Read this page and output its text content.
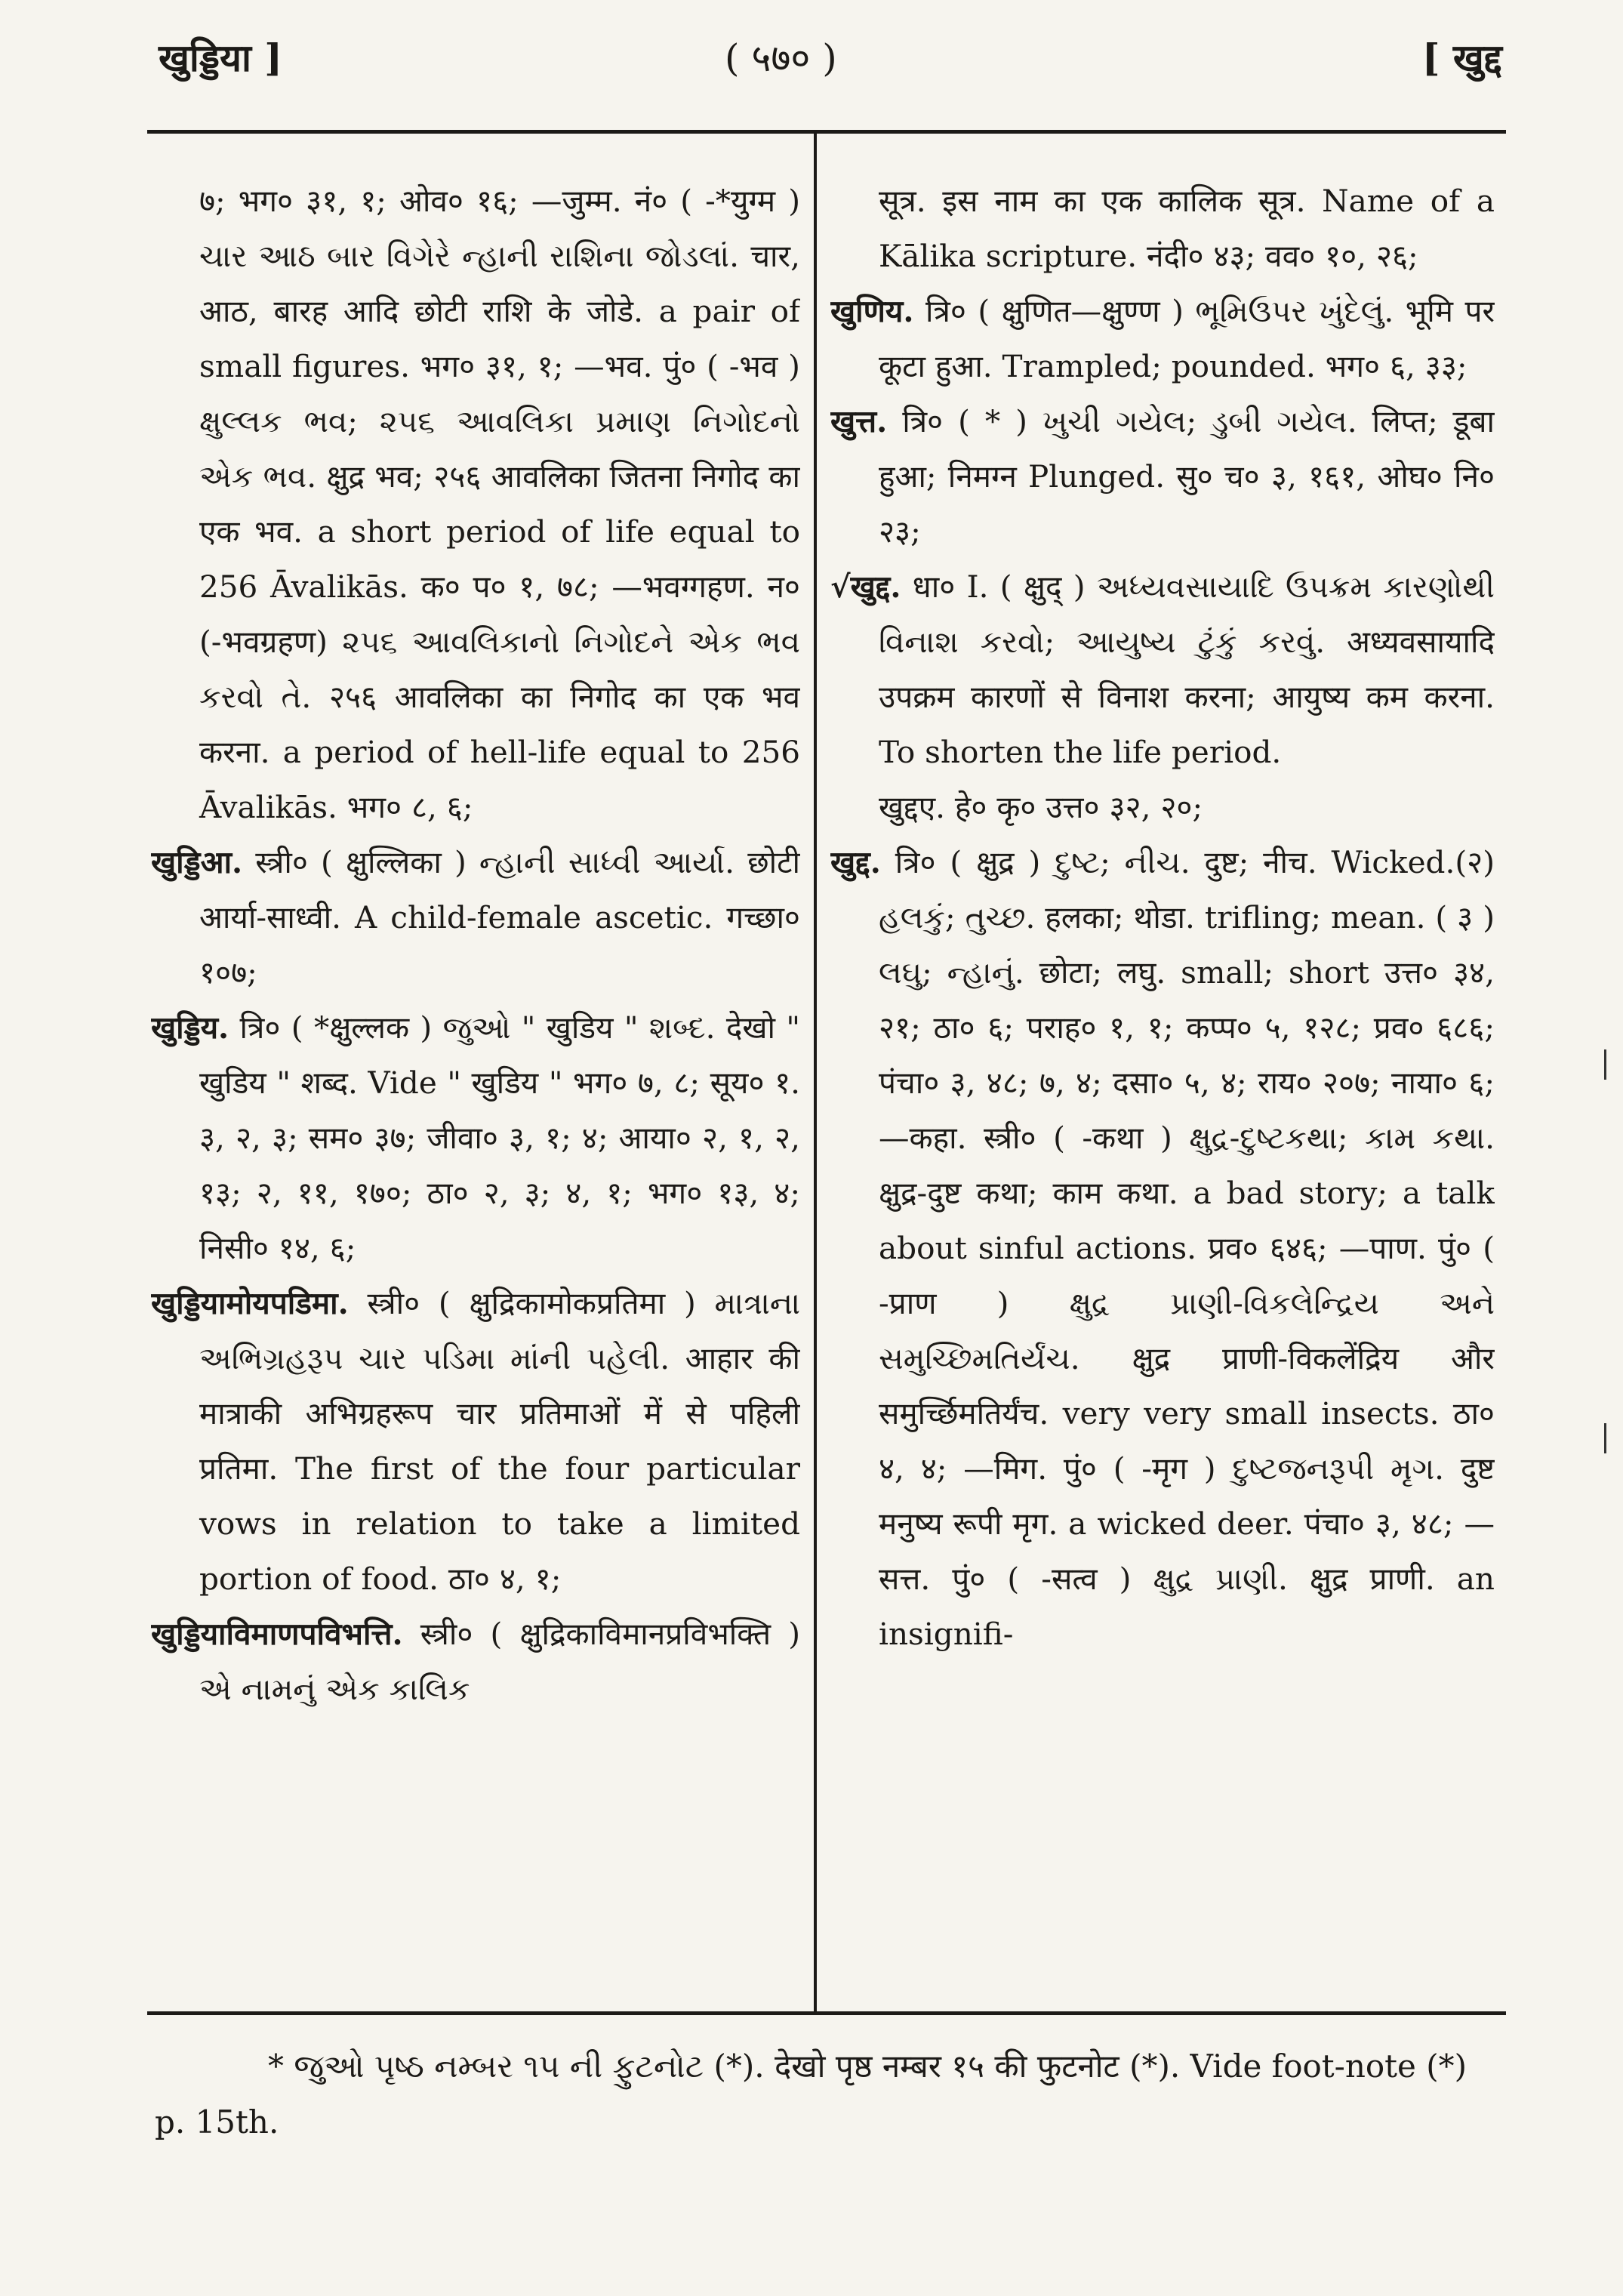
खुड्डिया ]	( ५७० )	[ खुद्द

७; भग० ३१, १; ओव० १६; —जुम्म. नं० ( -*युग्म ) ચાર આઠ બાર વિગેરે ન્હાની રાશિના જોડલાં. चार, आठ, बारह आदि छोटी राशि के जोडे. a pair of small figures. भग० ३१, १; —भव. पुं० ( -भव ) ક્ષુલ્લક ભવ; ૨૫૬ આવલિકા પ્રમાણ નિગોદનો એક ભવ. क्षुद्र भव; २५६ आवलिका जितना निगोद का एक भव. a short period of life equal to 256 Āvalikās. क० प० १, ७८; —भवग्गहण. न० (-भवग्रहण) ૨૫૬ આવલિકાનો નિગોદને એક ભવ કરવો તે. २५६ आवलिका का निगोद का एक भव करना. a period of hell-life equal to 256 Āvalikās. भग० ८, ६;

खुड्डिआ. स्त्री० ( क्षुल्लिका ) ન્હાની સાધ્વી આર્યા. छोटी आर्या-साध्वी. A child-female ascetic. गच्छा० १०७;

खुड्डिय. त्रि० ( *क्षुल्लक ) જુઓ " खुडिय " શબ્દ. देखो " खुडिय " शब्द. Vide " खुडिय " भग० ७, ८; सूय० १. ३, २, ३; सम० ३७; जीवा० ३, १; ४; आया० २, १, २, १३; २, ११, १७०; ठा० २, ३; ४, १; भग० १३, ४; निसी० १४, ६;

खुड्डियामोयपडिमा. स्त्री० ( क्षुद्रिकामोकप्रतिमा ) માત્રાના અભિગ્રહરૂપ ચાર પડિમા માંની પહેલી. आहार की मात्राकी अभिग्रहरूप चार प्रतिमाओं में से पहिली प्रतिमा. The first of the four particular vows in relation to take a limited portion of food. ठा० ४, १;

खुड्डियाविमाणपविभत्ति. स्त्री० ( क्षुद्रिकाविमानप्रविभक्ति ) એ નામનું એક કાલિક

सूत्र. इस नाम का एक कालिक सूत्र. Name of a Kālika scripture. नंदी० ४३; वव० १०, २६;

खुणिय. त्रि० ( क्षुणित—क्षुण्ण ) ભૂમિઉપર ખુંદેલું. भूमि पर कूटा हुआ. Trampled; pounded. भग० ६, ३३;

खुत्त. त्रि० ( * ) ખુચી ગયેલ; ડુબી ગયેલ. लिप्त; डूबा हुआ; निमग्न Plunged. सु० च० ३, १६१, ओघ० नि० २३;

√खुद्द. धा० I. ( क्षुद् ) અધ્યવસાયાદિ ઉપક્રમ કારણોથી વિનાશ કરવો; આયુષ્ય ટુંકું કરવું. अध्यवसायादि उपक्रम कारणों से विनाश करना; आयुष्य कम करना. To shorten the life period.

खुद्दए. हे० कृ० उत्त० ३२, २०;

खुद्द. त्रि० ( क्षुद्र ) દુષ્ટ; નીચ. दुष्ट; नीच. Wicked.(२) હલકું; તુચ્છ. हलका; थोडा. trifling; mean. ( ३ ) લઘુ; ન્હાનું. छोटा; लघु. small; short उत्त० ३४, २१; ठा० ६; पराह० १, १; कप्प० ५, १२८; प्रव० ६८६; पंचा० ३, ४८; ७, ४; दसा० ५, ४; राय० २०७; नाया० ६; —कहा. स्त्री० ( -कथा ) ક્ષુદ્ર-દુષ્ટકથા; કામ કથા. क्षुद्र-दुष्ट कथा; काम कथा. a bad story; a talk about sinful actions. प्रव० ६४६; —पाण. पुं० ( -प्राण ) ક્ષુદ્ર પ્રાણી-વિકલેન્દ્રિય અને સમુચ્છિમતિર્યંચ. क्षुद्र प्राणी-विकलेंद्रिय और समुर्च्छिमतिर्यंच. very very small insects. ठा० ४, ४; —मिग. पुं० ( -मृग ) દુષ્ટજનરૂપી મૃગ. दुष्ट मनुष्य रूपी मृग. a wicked deer. पंचा० ३, ४८; —सत्त. पुं० ( -सत्व ) ક્ષુદ્ર પ્રાણી. क्षुद्र प्राणी. an insignifi-

* જુઓ પૃષ્ઠ નમ્બર ૧૫ ની ફુટનોટ (*). देखो पृष्ठ नम्बर १५ की फुटनोट (*). Vide foot-note (*) p. 15th.
